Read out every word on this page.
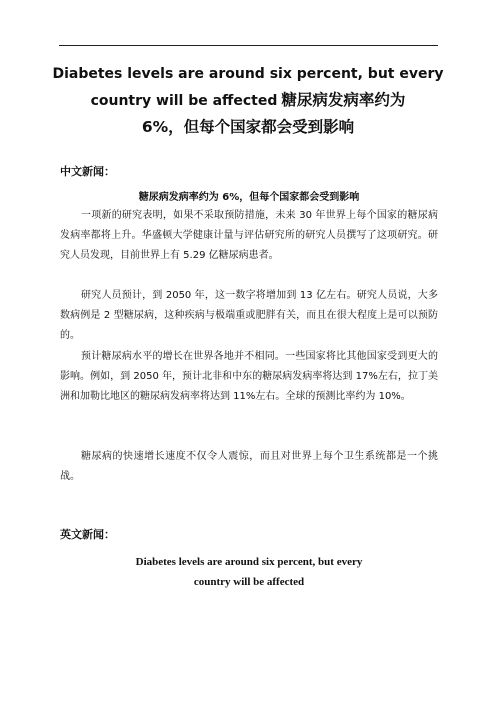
Diabetes levels are around six percent, but every
country will be affected 糖尿病发病率约为
6%，但每个国家都会受到影响
中文新闻：
糖尿病发病率约为 6%，但每个国家都会受到影响
一项新的研究表明，如果不采取预防措施，未来 30 年世界上每个国家的糖尿病发病率都将上升。华盛顿大学健康计量与评估研究所的研究人员撰写了这项研究。研究人员发现，目前世界上有 5.29 亿糖尿病患者。
研究人员预计，到 2050 年，这一数字将增加到 13 亿左右。研究人员说，大多数病例是 2 型糖尿病，这种疾病与极端重或肥胖有关，而且在很大程度上是可以预防的。
预计糖尿病水平的增长在世界各地并不相同。一些国家将比其他国家受到更大的影响。例如，到 2050 年，预计北非和中东的糖尿病发病率将达到 17%左右，拉丁美洲和加勒比地区的糖尿病发病率将达到 11%左右。全球的预测比率约为 10%。
糖尿病的快速增长速度不仅令人震惊，而且对世界上每个卫生系统都是一个挑战。
英文新闻：
Diabetes levels are around six percent, but every
country will be affected
